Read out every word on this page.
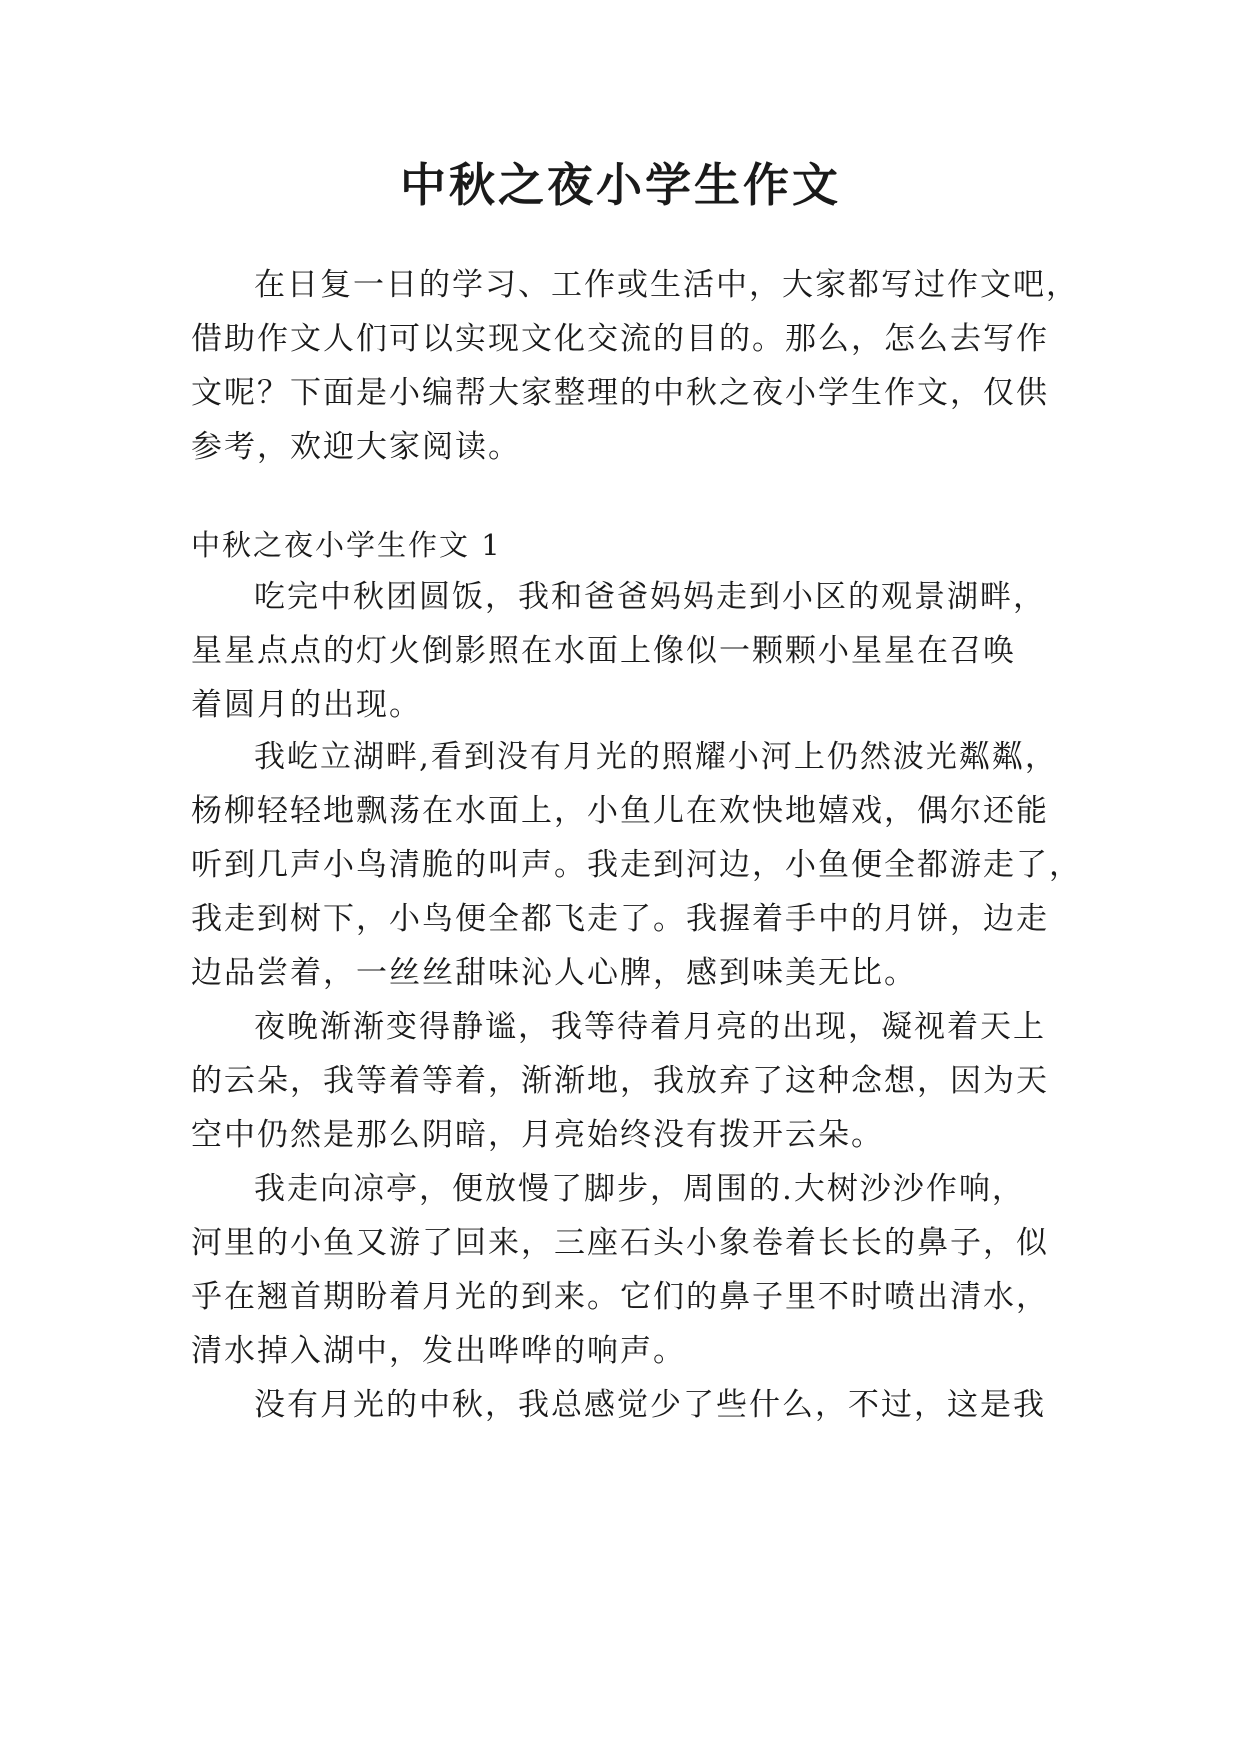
中秋之夜小学生作文
在日复一日的学习、工作或生活中，大家都写过作文吧，
借助作文人们可以实现文化交流的目的。那么，怎么去写作
文呢？下面是小编帮大家整理的中秋之夜小学生作文，仅供
参考，欢迎大家阅读。
中秋之夜小学生作文 1
吃完中秋团圆饭，我和爸爸妈妈走到小区的观景湖畔，
星星点点的灯火倒影照在水面上像似一颗颗小星星在召唤
着圆月的出现。
我屹立湖畔,看到没有月光的照耀小河上仍然波光粼粼，
杨柳轻轻地飘荡在水面上，小鱼儿在欢快地嬉戏，偶尔还能
听到几声小鸟清脆的叫声。我走到河边，小鱼便全都游走了，
我走到树下，小鸟便全都飞走了。我握着手中的月饼，边走
边品尝着，一丝丝甜味沁人心脾，感到味美无比。
夜晚渐渐变得静谧，我等待着月亮的出现，凝视着天上
的云朵，我等着等着，渐渐地，我放弃了这种念想，因为天
空中仍然是那么阴暗，月亮始终没有拨开云朵。
我走向凉亭，便放慢了脚步，周围的.大树沙沙作响，
河里的小鱼又游了回来，三座石头小象卷着长长的鼻子，似
乎在翘首期盼着月光的到来。它们的鼻子里不时喷出清水，
清水掉入湖中，发出哗哗的响声。
没有月光的中秋，我总感觉少了些什么，不过，这是我
